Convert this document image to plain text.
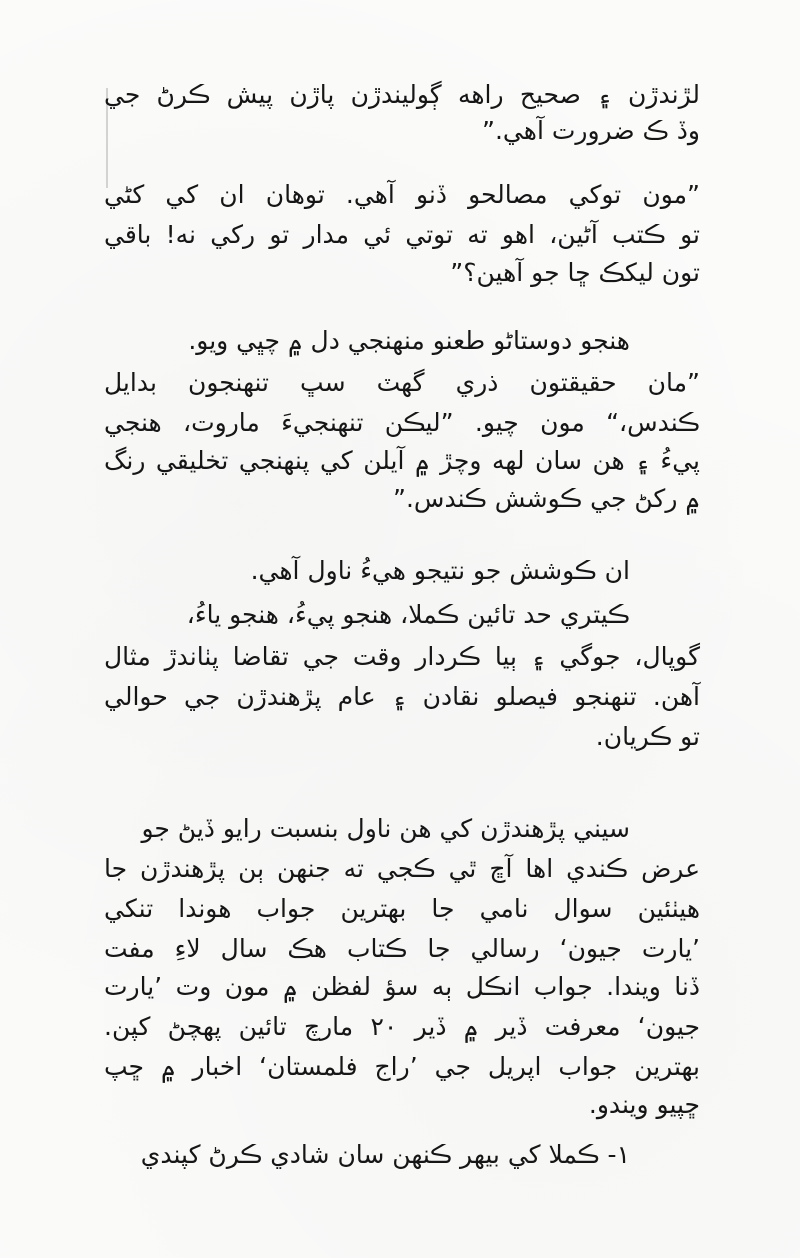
لڙندڙن ۽ صحيح راهه ڳوليندڙن پاڙن پيش ڪرڻ جي
وڏ ڪ ضرورت آهي.”
”مون توکي مصالحو ڏنو آهي. توهان ان کي کڻي
تو ڪتب آڻين، اهو ته توتي ئي مدار تو رکي نه! باقي
تون ليکڪ ڇا جو آهين؟”
هنجو دوستاڻو طعنو منهنجي دل ۾ چڀي ويو.
”مان حقيقتون ذري گهٽ سڀ تنهنجون بدايل
ڪندس،“ مون چيو. ”ليڪن تنهنجيءَ ماروت، هنجي
پيءُ ۽ هن سان لهه وچڙ ۾ آيلن کي پنهنجي تخليقي رنگ
۾ رکڻ جي ڪوشش ڪندس.”
ان ڪوشش جو نتيجو هيءُ ناول آهي.
ڪيتري حد تائين ڪملا، هنجو پيءُ، هنجو ياءُ،
گوپال، جوگي ۽ ٻيا ڪردار وقت جي تقاضا پٺاندڙ مثال
آهن. تنهنجو فيصلو نقادن ۽ عام پڙهندڙن جي حوالي
تو ڪريان.
سيني پڙهندڙن کي هن ناول بنسبت رايو ڏيڻ جو
عرض ڪندي اها آڇ ٿي ڪجي ته جنهن ٻن پڙهندڙن جا
هيٺئين سوال نامي جا بهترين جواب هوندا تنکي
’يارت جيون‘ رسالي جا ڪتاب هڪ سال لاءِ مفت
ڏنا ويندا. جواب انڪل ٻه سؤ لفظن ۾ مون وت ’يارت
جيون‘ معرفت ڏير ۾ ڏير ۲۰ مارچ تائين پهچڻ کپن.
بهترين جواب اپريل جي ’راج فلمستان‘ اخبار ۾ ڇپ
ڇپيو ويندو.
۱- ڪملا کي بيهر ڪنهن سان شادي ڪرڻ کپندي
